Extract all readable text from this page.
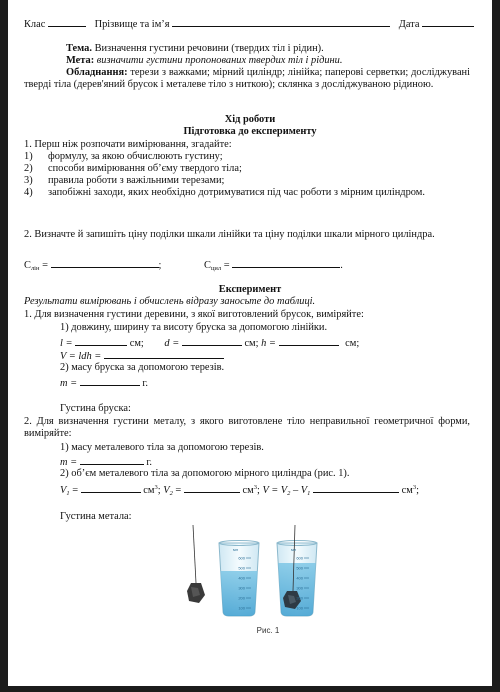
Клас	Прізвище та ім’я	Дата
Тема. Визначення густини речовини (твердих тіл і рідин).
Мета: визначити густини пропонованих твердих тіл і рідини.
Обладнання: терези з важками; мірний циліндр; лінійка; паперові серветки; досліджувані тверді тіла (дерев'яний брусок і металеве тіло з ниткою); склянка з досліджуваною рідиною.
Хід роботи
Підготовка до експерименту
1. Перш ніж розпочати вимірювання, згадайте:
1) формулу, за якою обчислюють густину;
2) способи вимірювання об’єму твердого тіла;
3) правила роботи з важільними терезами;
4) запобіжні заходи, яких необхідно дотримуватися під час роботи з мірним циліндром.
2. Визначте й запишіть ціну поділки шкали лінійки та ціну поділки шкали мірного циліндра.
$С_{лін}$ =	;	$С_{цил}$ =	.
Експеримент
Результати вимірювань і обчислень відразу заносьте до таблиці.
1. Для визначення густини деревини, з якої виготовлений брусок, виміряйте:
1) довжину, ширину та висоту бруска за допомогою лінійки.
l =	см; d =	см; h =	см;
V = ldh =
2) масу бруска за допомогою терезів.
m =	г.
Густина бруска:
2. Для визначення густини металу, з якого виготовлене тіло неправильної геометричної форми, виміряйте:
1) масу металевого тіла за допомогою терезів.
m =	г.
2) об’єм металевого тіла за допомогою мірного циліндра (рис. 1).
$V_1$ =	$см^3$; $V_2$ =	$см^3$; $V = V_2 - V_1$	$см^3$;
Густина метала:
600
500
400
300
200
100
600
500
400
300
200
100
мл	мл
Рис. 1
